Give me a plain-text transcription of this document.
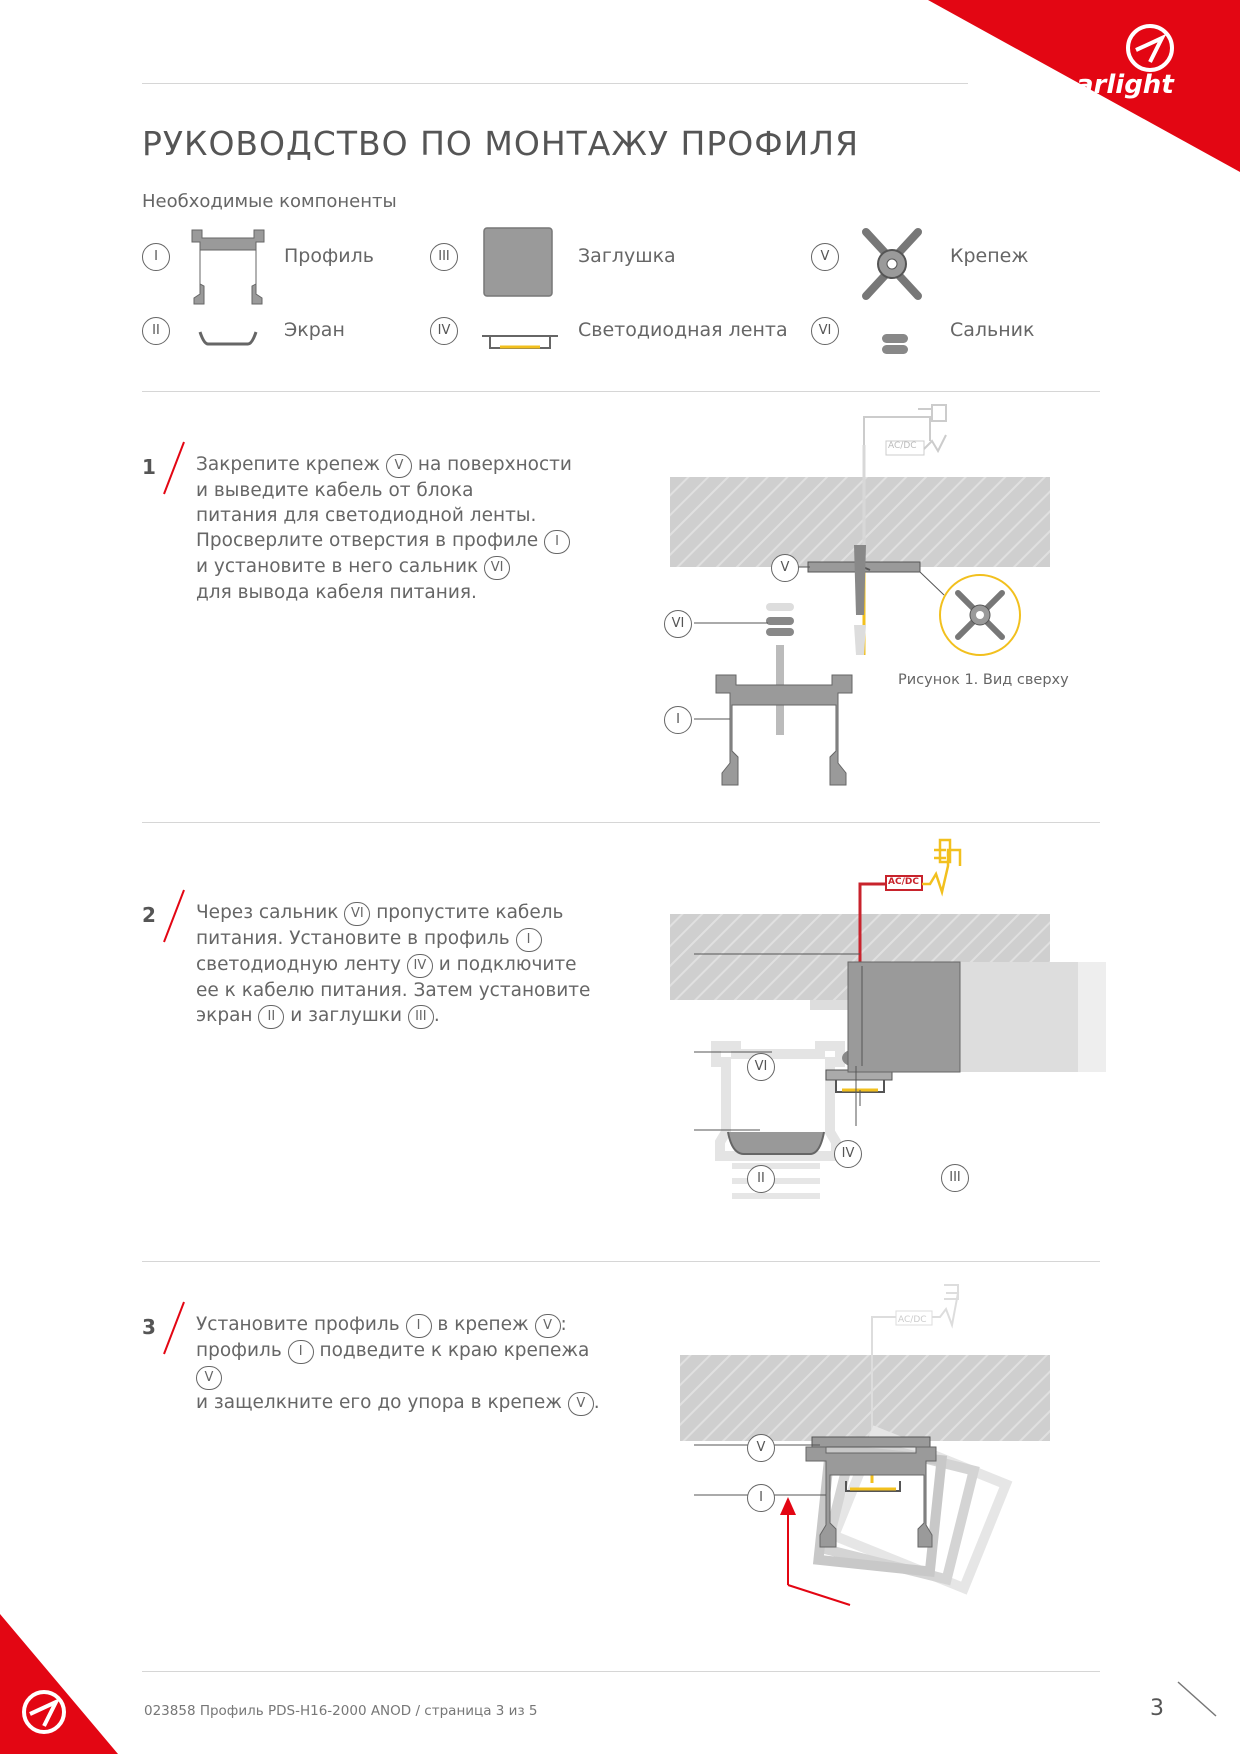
arlight
РУКОВОДСТВО ПО МОНТАЖУ ПРОФИЛЯ
Необходимые компоненты
I	Профиль
II	Экран
III	Заглушка
IV	Светодиодная лента
V	Крепеж
VI	Сальник
1 Закрепите крепеж V на поверхности
и выведите кабель от блока
питания для светодиодной ленты.
Просверлите отверстия в профиле I
и установите в него сальник VI
для вывода кабеля питания.
2 Через сальник VI пропустите кабель
питания. Установите в профиль I
светодиодную ленту IV и подключите
ее к кабелю питания. Затем установите
экран II и заглушки III .
3 Установите профиль I в крепеж V :
профиль I подведите к краю крепежа V
и защелкните его до упора в крепеж V .
AC/DC
V
VI
I
Рисунок 1. Вид сверху
AC/DC
VI
IV
II	III
AC/DC
V
I
023858 Профиль PDS-H16-2000 ANOD / страница 3 из 5	3
